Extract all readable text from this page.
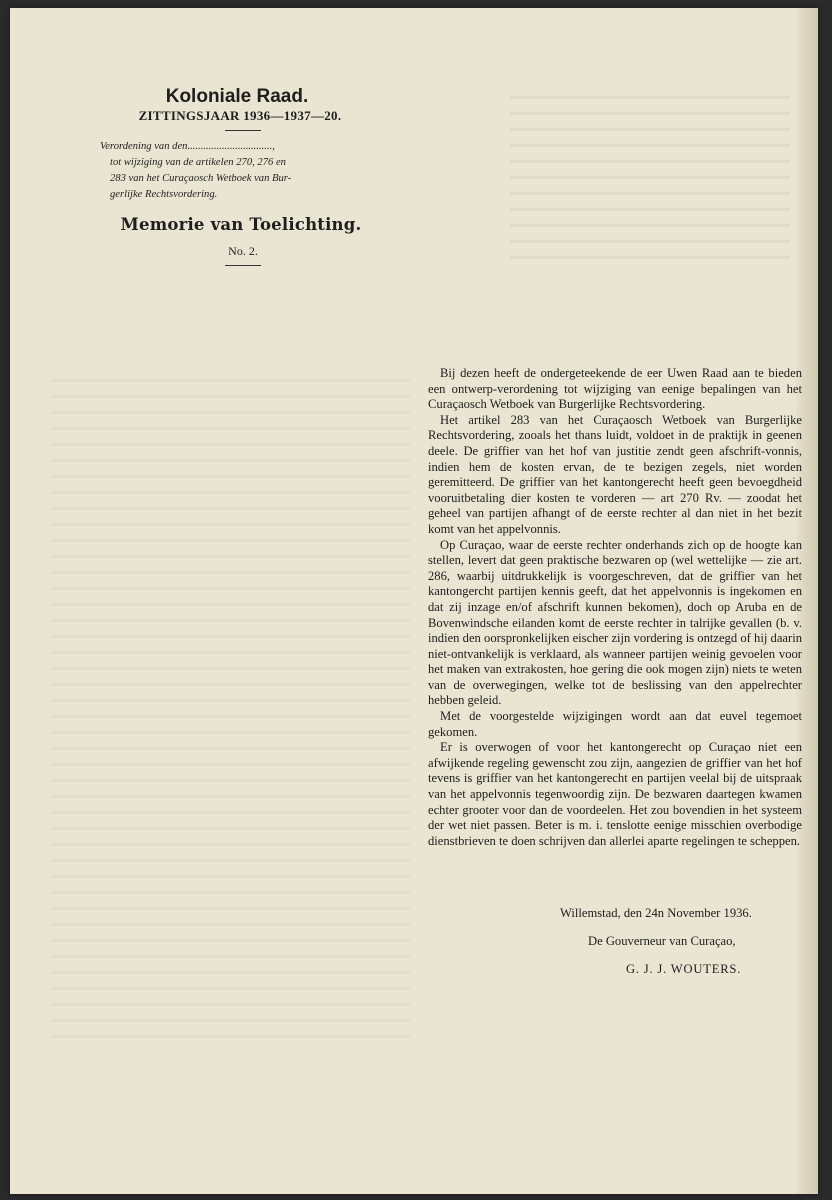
Koloniale Raad.
ZITTINGSJAAR 1936—1937—20.
Verordening van den................................,
tot wijziging van de artikelen 270, 276 en
283 van het Curaçaosch Wetboek van Bur-
gerlijke Rechtsvordering.
Memorie van Toelichting.
No. 2.

Bij dezen heeft de ondergeteekende de eer Uwen Raad aan te bieden een ontwerp-verordening tot wijziging van eenige bepalingen van het Curaçaosch Wetboek van Burgerlijke Rechtsvordering.

Het artikel 283 van het Curaçaosch Wetboek van Burgerlijke Rechtsvordering, zooals het thans luidt, voldoet in de praktijk in geenen deele. De griffier van het hof van justitie zendt geen afschrift-vonnis, indien hem de kosten ervan, de te bezigen zegels, niet worden geremitteerd. De griffier van het kantongerecht heeft geen bevoegdheid vooruitbetaling dier kosten te vorderen — art 270 Rv. — zoodat het geheel van partijen afhangt of de eerste rechter al dan niet in het bezit komt van het appelvonnis.

Op Curaçao, waar de eerste rechter onderhands zich op de hoogte kan stellen, levert dat geen praktische bezwaren op (wel wettelijke — zie art. 286, waarbij uitdrukkelijk is voorgeschreven, dat de griffier van het kantongercht partijen kennis geeft, dat het appelvonnis is ingekomen en dat zij inzage en/of afschrift kunnen bekomen), doch op Aruba en de Bovenwindsche eilanden komt de eerste rechter in talrijke gevallen (b. v. indien den oorspronkelijken eischer zijn vordering is ontzegd of hij daarin niet-ontvankelijk is verklaard, als wanneer partijen weinig gevoelen voor het maken van extrakosten, hoe gering die ook mogen zijn) niets te weten van de overwegingen, welke tot de beslissing van den appelrechter hebben geleid.

Met de voorgestelde wijzigingen wordt aan dat euvel tegemoet gekomen.

Er is overwogen of voor het kantongerecht op Curaçao niet een afwijkende regeling gewenscht zou zijn, aangezien de griffier van het hof tevens is griffier van het kantongerecht en partijen veelal bij de uitspraak van het appelvonnis tegenwoordig zijn. De bezwaren daartegen kwamen echter grooter voor dan de voordeelen. Het zou bovendien in het systeem der wet niet passen. Beter is m. i. tenslotte eenige misschien overbodige dienstbrieven te doen schrijven dan allerlei aparte regelingen te scheppen.

Willemstad, den 24n November 1936.
De Gouverneur van Curaçao,
G. J. J. WOUTERS.
